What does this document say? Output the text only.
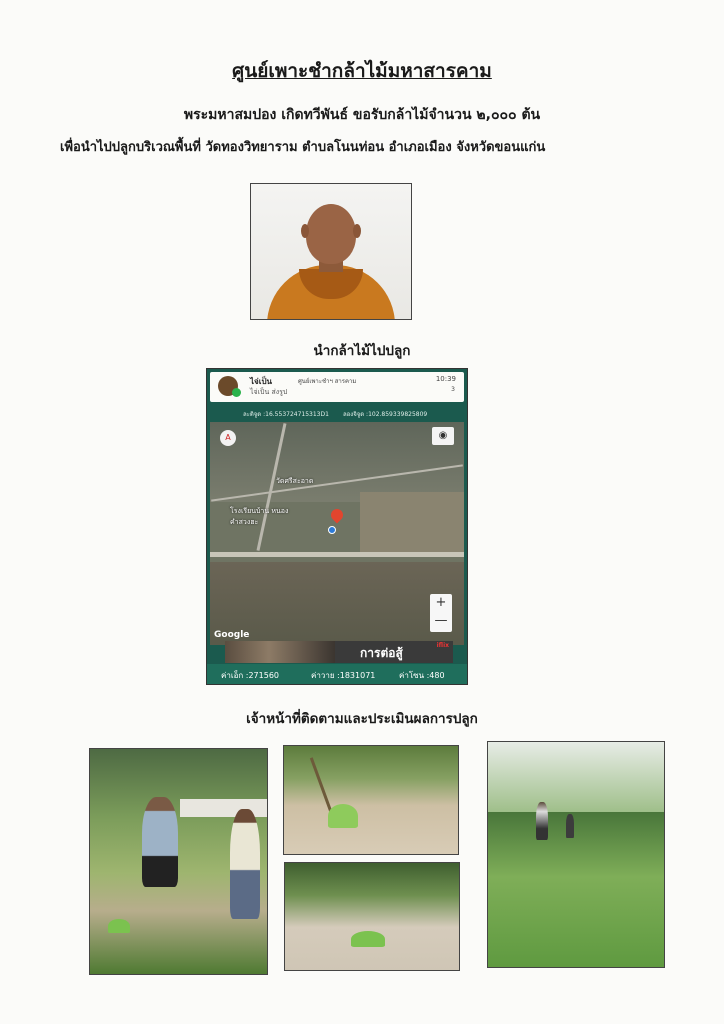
ศูนย์เพาะชำกล้าไม้มหาสารคาม
พระมหาสมปอง เกิดทวีพันธ์ ขอรับกล้าไม้จำนวน ๒,๐๐๐ ต้น
เพื่อนำไปปลูกบริเวณพื้นที่ วัดทองวิทยาราม ตำบลโนนท่อน อำเภอเมือง จังหวัดขอนแก่น
นำกล้าไม้ไปปลูก
ไจ่เป็น	ศูนย์เพาะชำฯ สารคาม
ไจ่เป็น ส่งรูป
10:39
3
ละติจูด :16.553724715313D1 ลองจิจูด :102.859339825809
A	◉
วัดศรีสะอาด
โรงเรียนบ้าน หนองคำสวงฮะ
+
—
Google
การต่อสู้
iflix
ค่าเอ็ก :271560	ค่าวาย :1831071	ค่าโซน :480
เจ้าหน้าที่ติดตามและประเมินผลการปลูก
